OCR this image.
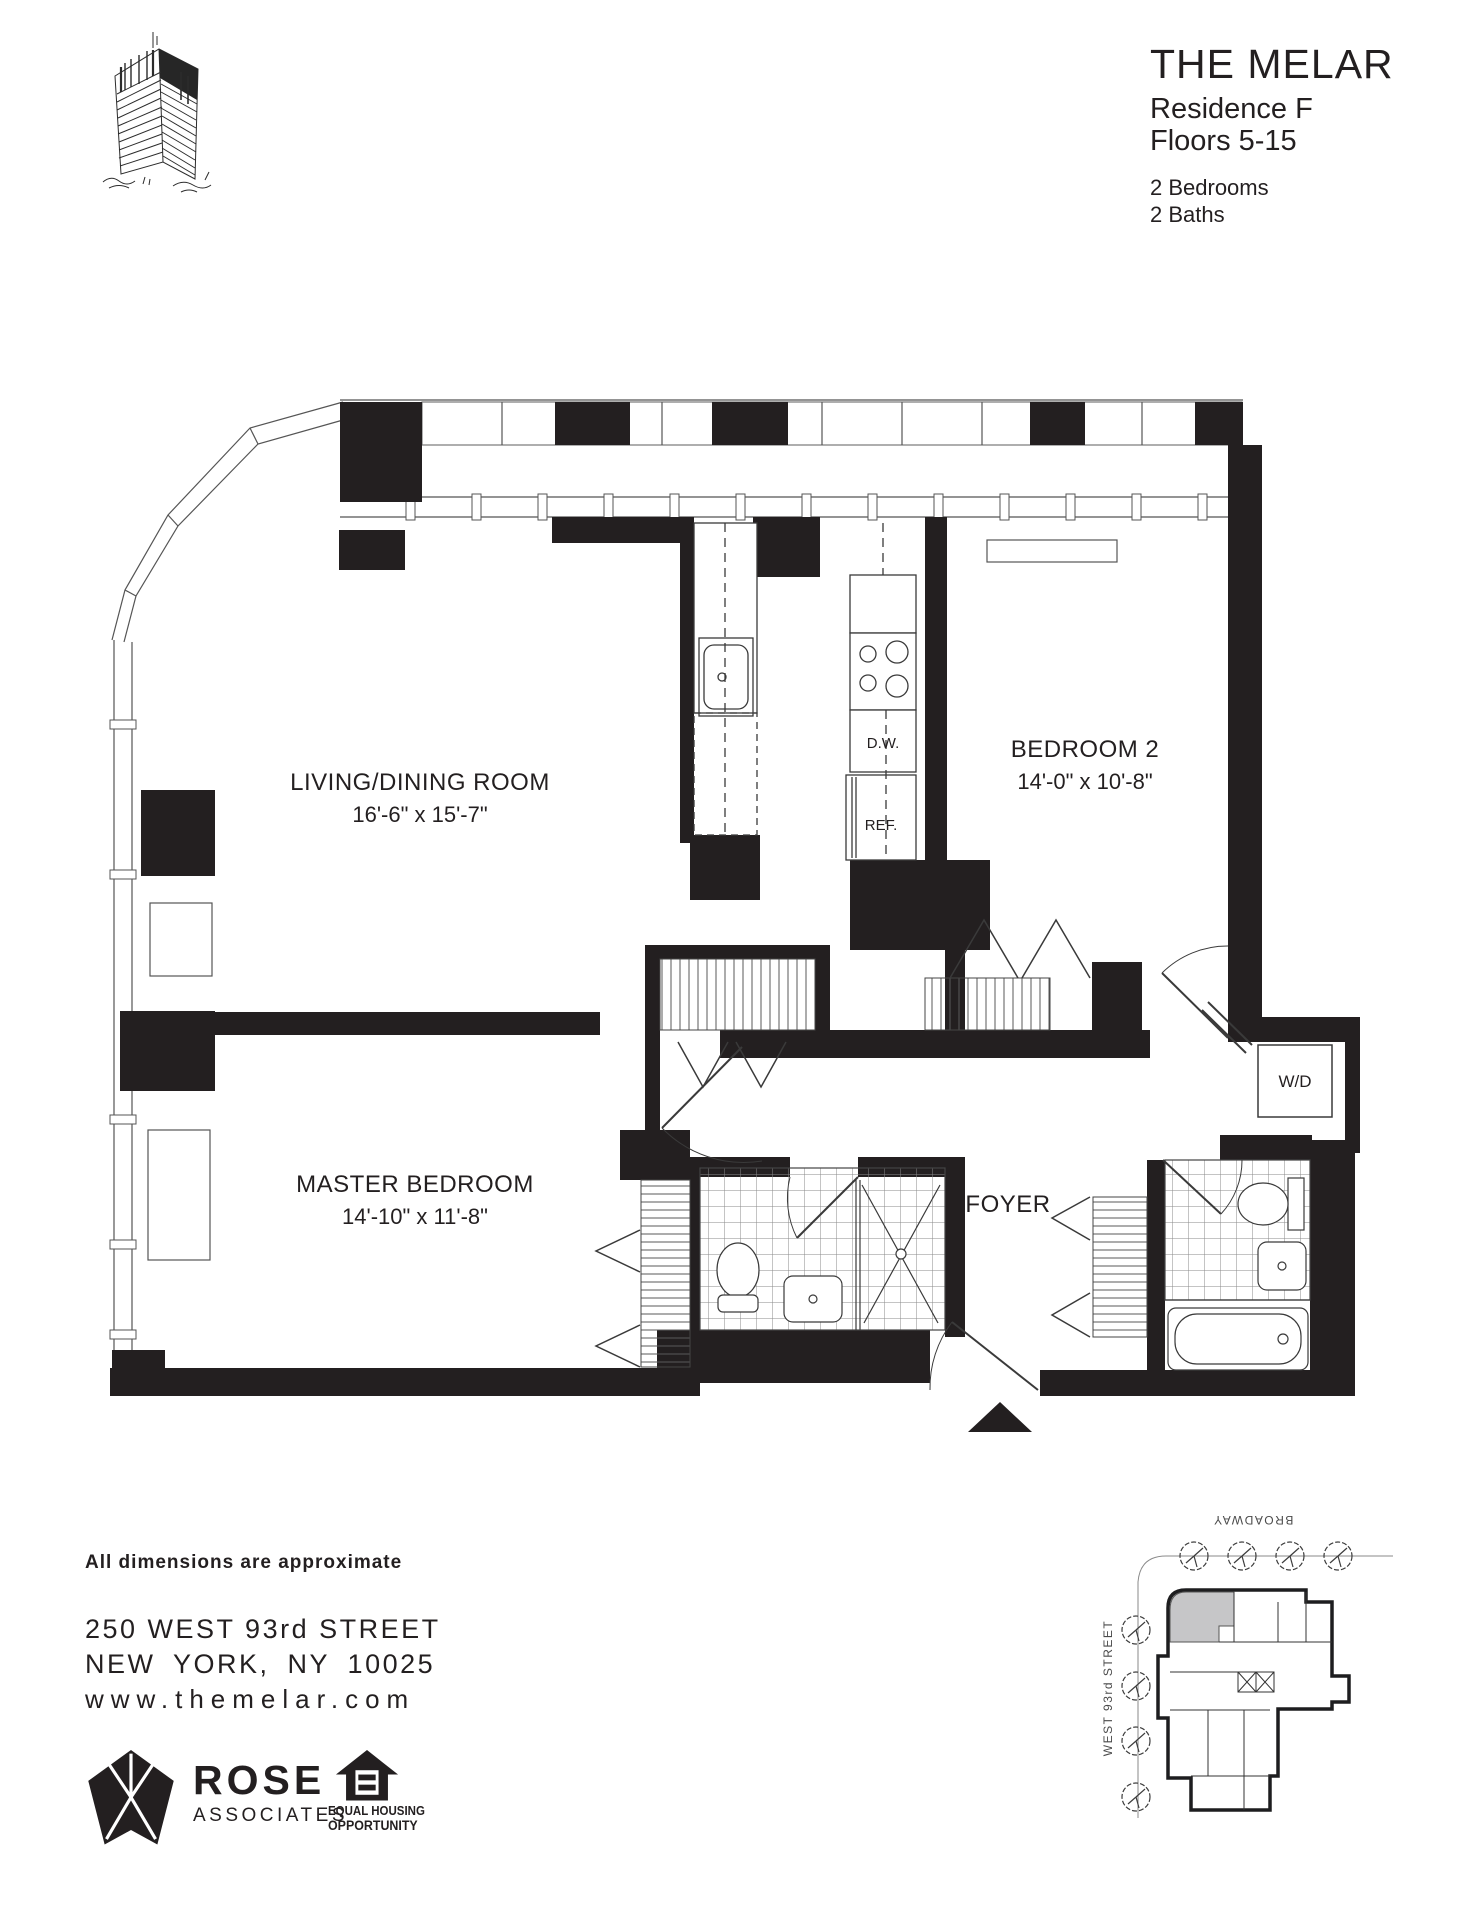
THE MELAR
Residence F
Floors 5-15
2 Bedrooms
2 Baths
D.W.
REF.
W/D
LIVING/DINING ROOM
16'-6" x 15'-7"
BEDROOM 2
14'-0" x 10'-8"
MASTER BEDROOM
14'-10" x 11'-8"	FOYER
All dimensions are approximate
250 WEST 93rd STREET
NEW YORK, NY 10025
www.themelar.com
ROSE
ASSOCIATES
EQUAL HOUSING
OPPORTUNITY
BROADWAY
WEST 93rd STREET
